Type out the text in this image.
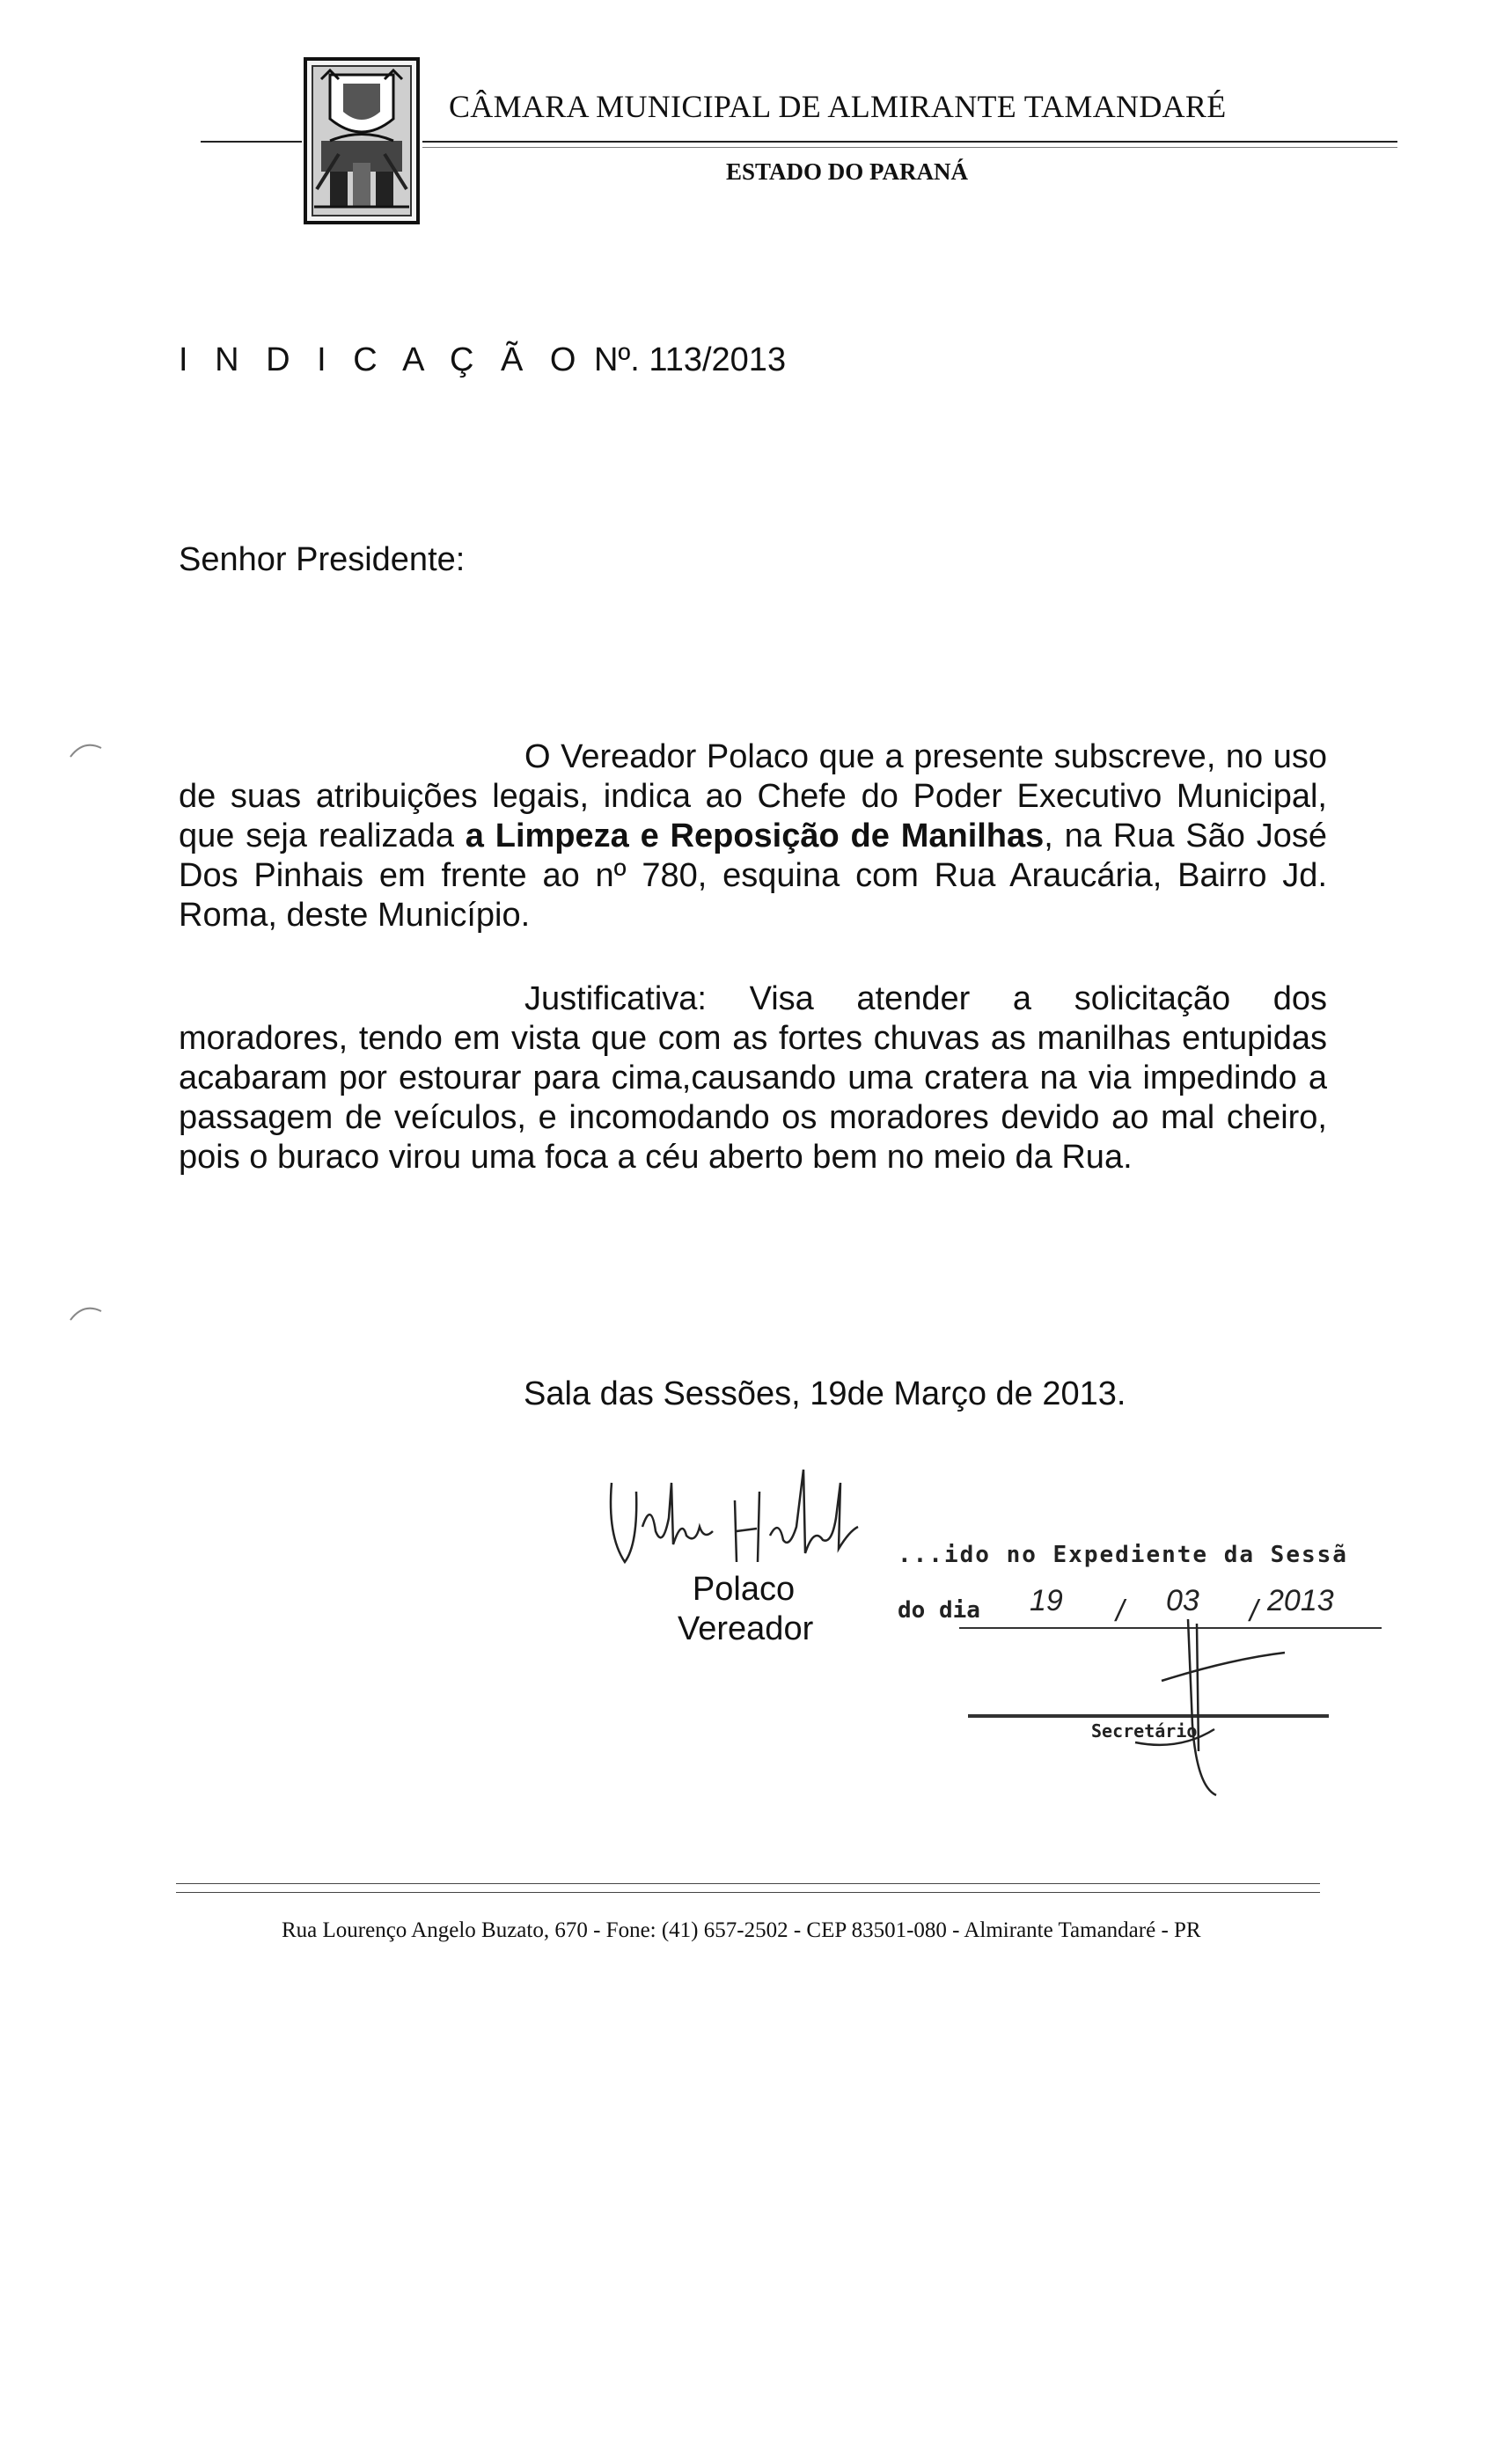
CÂMARA MUNICIPAL DE ALMIRANTE TAMANDARÉ
ESTADO DO PARANÁ
I N D I C A Ç Ã O Nº. 113/2013
Senhor Presidente:
O Vereador Polaco que a presente subscreve, no uso de suas atribuições legais, indica ao Chefe do Poder Executivo Municipal, que seja realizada a Limpeza e Reposição de Manilhas, na Rua São José Dos Pinhais em frente ao nº 780, esquina com Rua Araucária, Bairro Jd. Roma, deste Município.
Justificativa: Visa atender a solicitação dos moradores, tendo em vista que com as fortes chuvas as manilhas entupidas acabaram por estourar para cima,causando uma cratera na via impedindo a passagem de veículos, e incomodando os moradores devido ao mal cheiro, pois o buraco virou uma foca a céu aberto bem no meio da Rua.
Sala das Sessões, 19de Março de 2013.
Polaco
Vereador
...ido no Expediente da Sessã
do dia 19 / 03 / 2013
Secretário
Rua Lourenço Angelo Buzato, 670 - Fone: (41) 657-2502 - CEP 83501-080 - Almirante Tamandaré - PR
